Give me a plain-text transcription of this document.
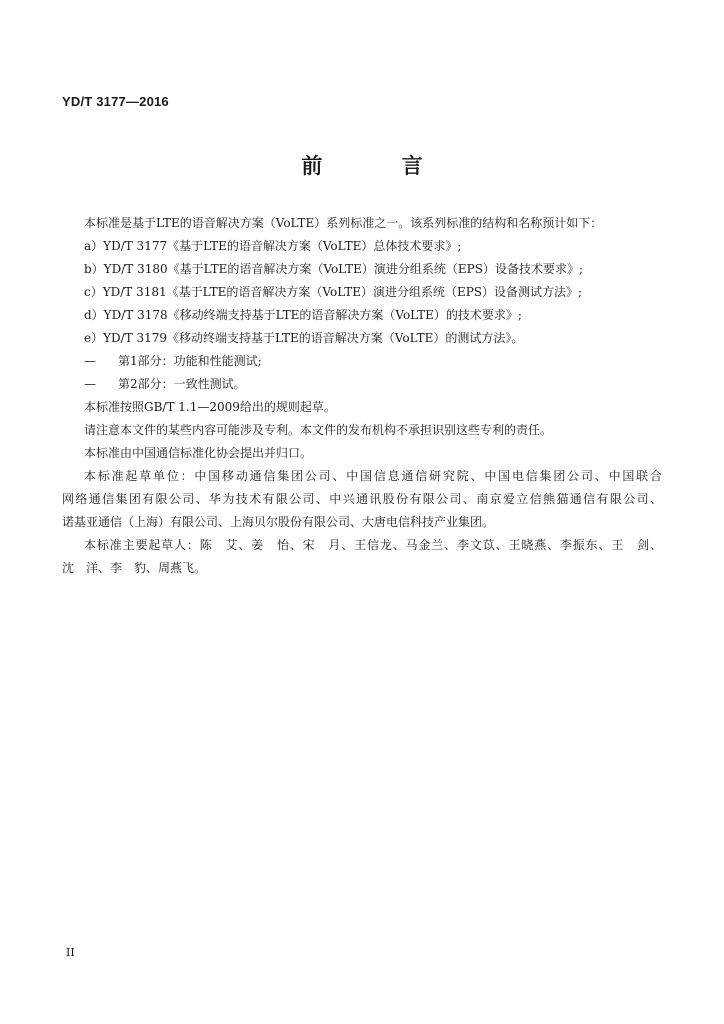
YD/T 3177—2016
前 言
本标准是基于LTE的语音解决方案（VoLTE）系列标准之一。该系列标准的结构和名称预计如下：
a）YD/T 3177《基于LTE的语音解决方案（VoLTE）总体技术要求》;
b）YD/T 3180《基于LTE的语音解决方案（VoLTE）演进分组系统（EPS）设备技术要求》;
c）YD/T 3181《基于LTE的语音解决方案（VoLTE）演进分组系统（EPS）设备测试方法》;
d）YD/T 3178《移动终端支持基于LTE的语音解决方案（VoLTE）的技术要求》;
e）YD/T 3179《移动终端支持基于LTE的语音解决方案（VoLTE）的测试方法》。
— 第1部分：功能和性能测试;
— 第2部分：一致性测试。
本标准按照GB/T 1.1—2009给出的规则起草。
请注意本文件的某些内容可能涉及专利。本文件的发布机构不承担识别这些专利的责任。
本标准由中国通信标准化协会提出并归口。
本标准起草单位：中国移动通信集团公司、中国信息通信研究院、中国电信集团公司、中国联合
网络通信集团有限公司、华为技术有限公司、中兴通讯股份有限公司、南京爱立信熊猫通信有限公司、
诺基亚通信（上海）有限公司、上海贝尔股份有限公司、大唐电信科技产业集团。
本标准主要起草人：陈　艾、姜　怡、宋　月、王信龙、马金兰、李文苡、王晓燕、李振东、王　剑、
沈　洋、李　豹、周燕飞。
II
